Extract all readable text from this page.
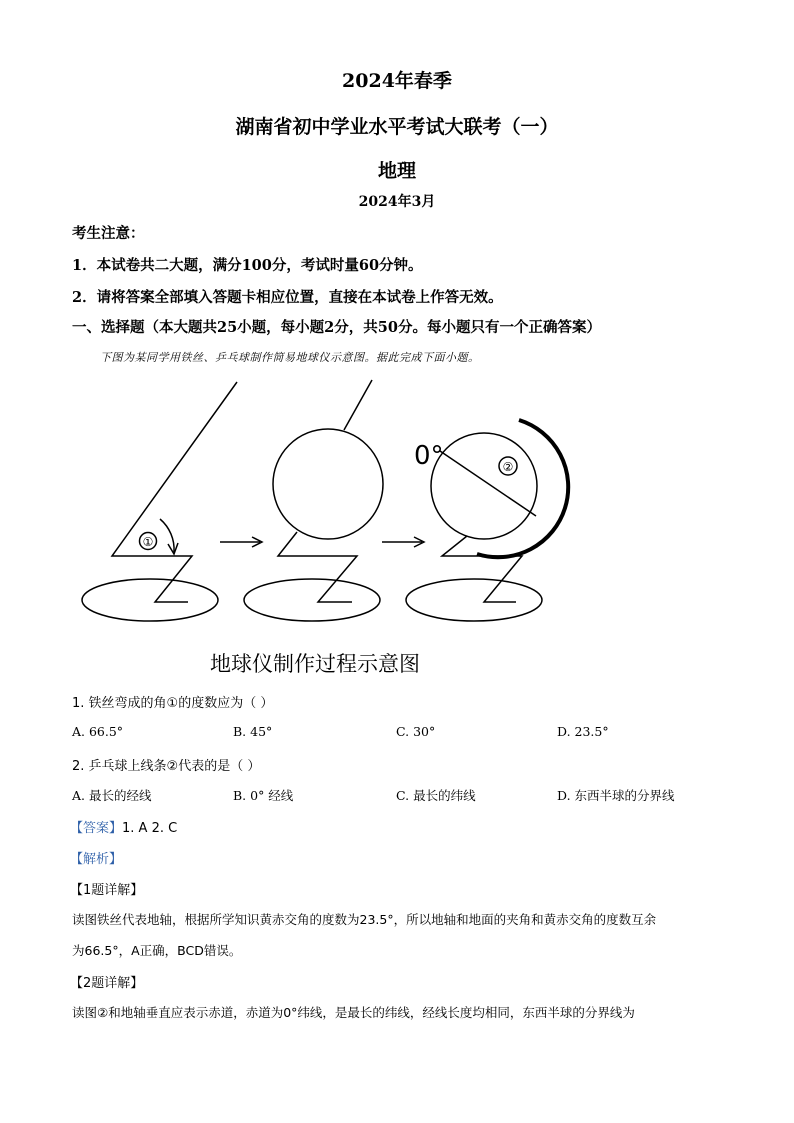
2024年春季
湖南省初中学业水平考试大联考（一）
地理
2024年3月
考生注意：
1．本试卷共二大题，满分100分，考试时量60分钟。
2．请将答案全部填入答题卡相应位置，直接在本试卷上作答无效。
一、选择题（本大题共25小题，每小题2分，共50分。每小题只有一个正确答案）
下图为某同学用铁丝、乒乓球制作简易地球仪示意图。据此完成下面小题。
①
②
0°
地球仪制作过程示意图
1. 铁丝弯成的角①的度数应为（ ）
A. 66.5°	B. 45°	C. 30°	D. 23.5°
2. 乒乓球上线条②代表的是（ ）
A. 最长的经线	B. 0° 经线	C. 最长的纬线	D. 东西半球的分界线
【答案】1. A 2. C
【解析】
【1题详解】
读图铁丝代表地轴，根据所学知识黄赤交角的度数为23.5°，所以地轴和地面的夹角和黄赤交角的度数互余
为66.5°，A正确，BCD错误。
【2题详解】
读图②和地轴垂直应表示赤道，赤道为0°纬线，是最长的纬线，经线长度均相同，东西半球的分界线为
